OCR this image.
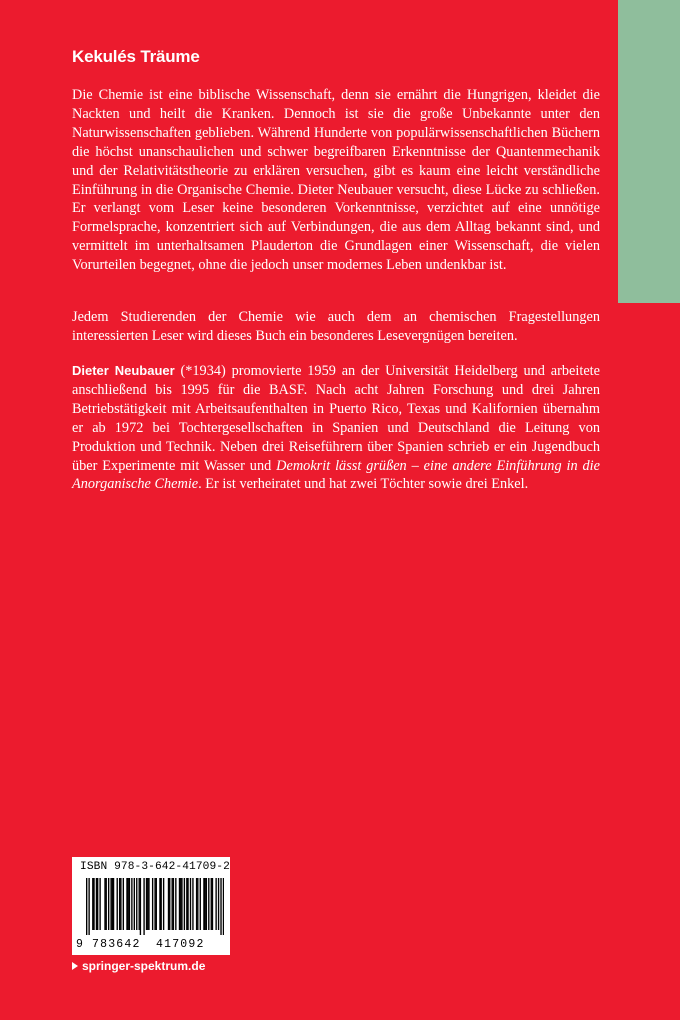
Kekulés Träume
Die Chemie ist eine biblische Wissenschaft, denn sie ernährt die Hungrigen, kleidet die Nackten und heilt die Kranken. Dennoch ist sie die große Unbekannte unter den Naturwissenschaften geblieben. Während Hunderte von populärwissenschaftlichen Büchern die höchst unanschaulichen und schwer begreifbaren Erkenntnisse der Quantenmechanik und der Relativitätstheorie zu erklären versuchen, gibt es kaum eine leicht verständliche Einführung in die Organische Chemie. Dieter Neubauer versucht, diese Lücke zu schließen. Er verlangt vom Leser keine besonderen Vorkenntnisse, verzichtet auf eine unnötige Formelsprache, konzentriert sich auf Verbindungen, die aus dem Alltag bekannt sind, und vermittelt im unterhaltsamen Plauderton die Grundlagen einer Wissenschaft, die vielen Vorurteilen begegnet, ohne die jedoch unser modernes Leben undenkbar ist.
Jedem Studierenden der Chemie wie auch dem an chemischen Fragestellungen interessierten Leser wird dieses Buch ein besonderes Lesevergnügen bereiten.
Dieter Neubauer (*1934) promovierte 1959 an der Universität Heidelberg und arbeitete anschließend bis 1995 für die BASF. Nach acht Jahren Forschung und drei Jahren Betriebstätigkeit mit Arbeitsaufenthalten in Puerto Rico, Texas und Kalifornien übernahm er ab 1972 bei Tochtergesellschaften in Spanien und Deutschland die Leitung von Produktion und Technik. Neben drei Reiseführern über Spanien schrieb er ein Jugendbuch über Experimente mit Wasser und Demokrit lässt grüßen – eine andere Einführung in die Anorganische Chemie. Er ist verheiratet und hat zwei Töchter sowie drei Enkel.
ISBN 978-3-642-41709-2
9 783642 417092
springer-spektrum.de
